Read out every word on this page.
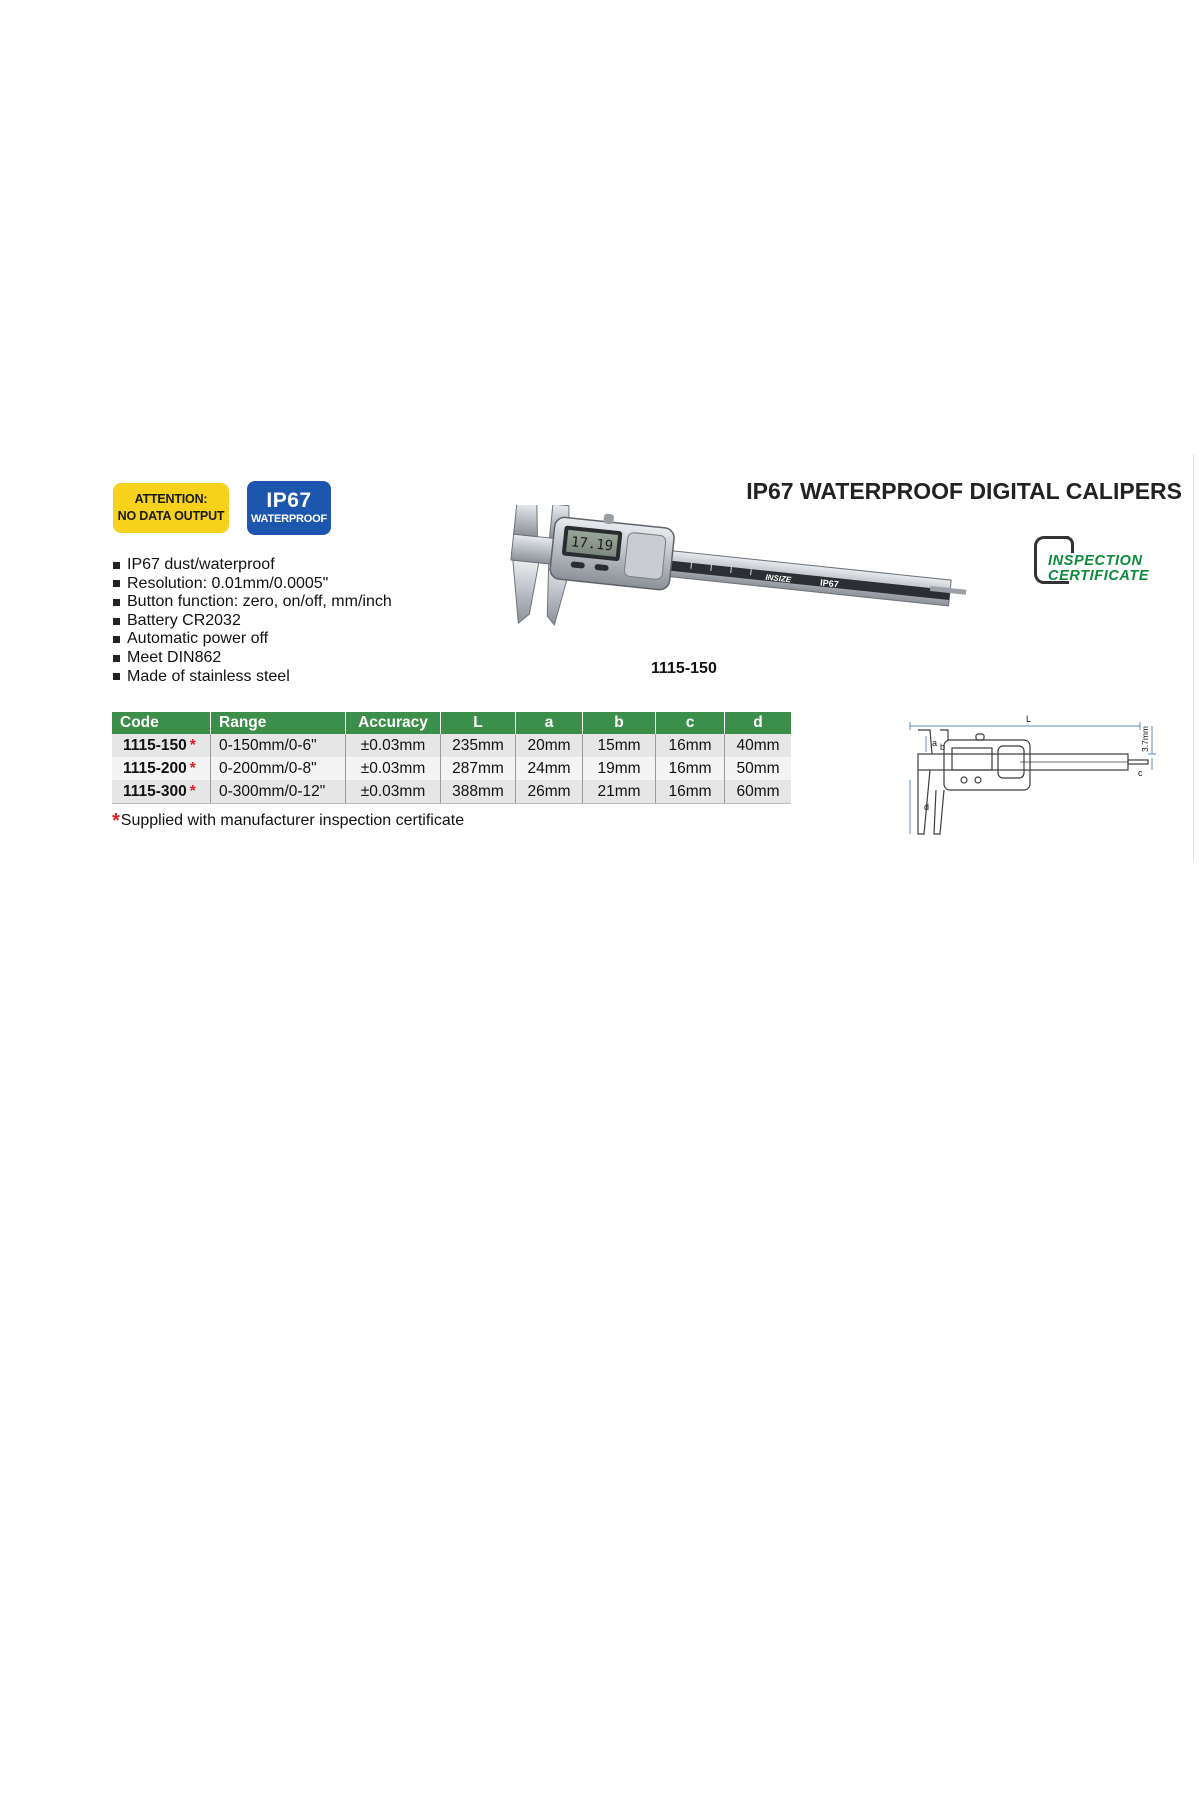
ATTENTION:
NO DATA OUTPUT
IP67
WATERPROOF
IP67 WATERPROOF DIGITAL CALIPERS
IP67 dust/waterproof
Resolution: 0.01mm/0.0005"
Button function: zero, on/off, mm/inch
Battery CR2032
Automatic power off
Meet DIN862
Made of stainless steel
INSIZE	IP67
17.19
1115-150
INSPECTION
CERTIFICATE
Code	Range	Accuracy	L	a	b	c	d
1115-150 *	0-150mm/0-6"	±0.03mm	235mm	20mm	15mm	16mm	40mm
1115-200 *	0-200mm/0-8"	±0.03mm	287mm	24mm	19mm	16mm	50mm
1115-300 *	0-300mm/0-12"	±0.03mm	388mm	26mm	21mm	16mm	60mm
*Supplied with manufacturer inspection certificate
L
a b
c
d
3.7mm
